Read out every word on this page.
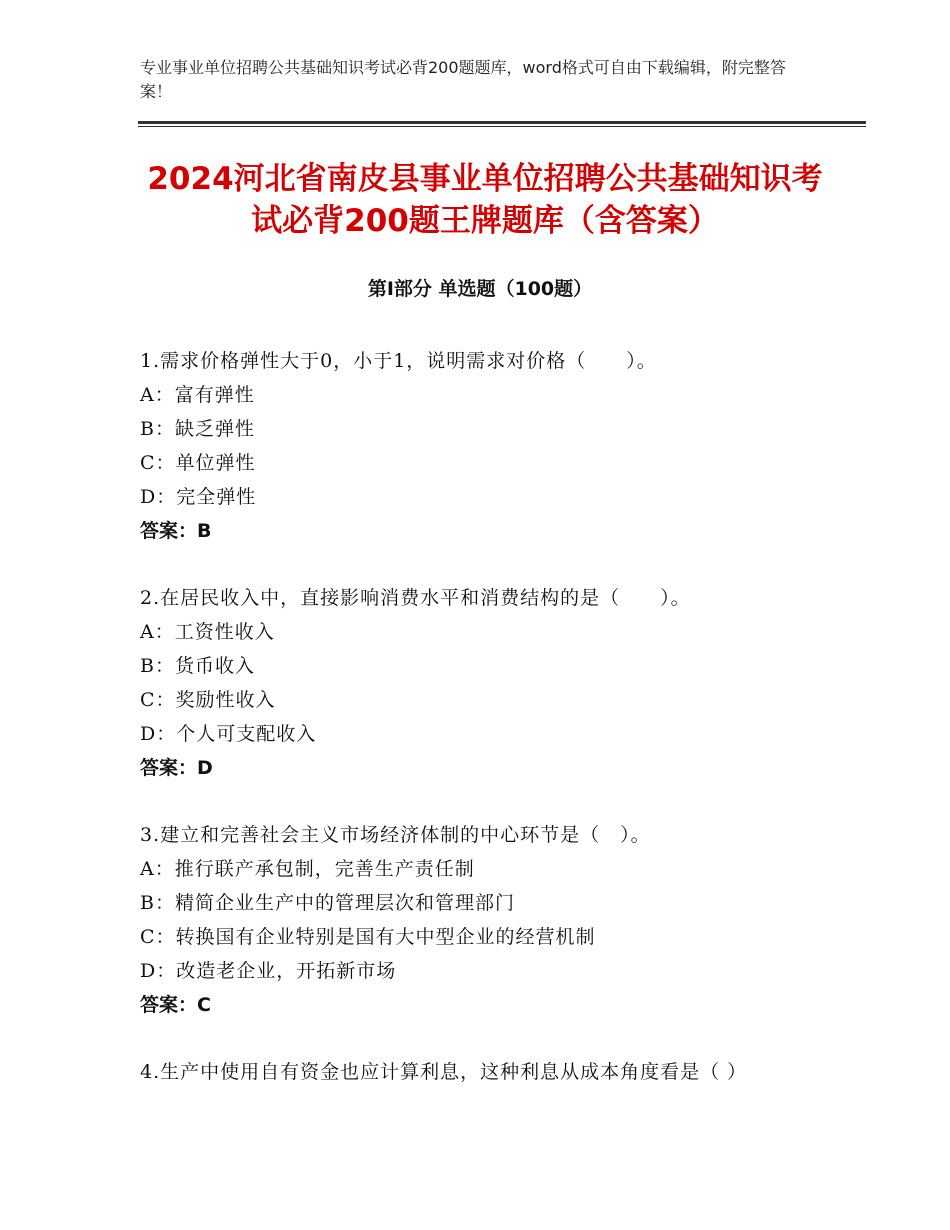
专业事业单位招聘公共基础知识考试必背200题题库，word格式可自由下载编辑，附完整答案！
2024河北省南皮县事业单位招聘公共基础知识考试必背200题王牌题库（含答案）
第Ⅰ部分 单选题（100题）
1.需求价格弹性大于0，小于1，说明需求对价格（　　）。
A：富有弹性
B：缺乏弹性
C：单位弹性
D：完全弹性
答案：B
2.在居民收入中，直接影响消费水平和消费结构的是（　　）。
A：工资性收入
B：货币收入
C：奖励性收入
D：个人可支配收入
答案：D
3.建立和完善社会主义市场经济体制的中心环节是（　）。
A：推行联产承包制，完善生产责任制
B：精简企业生产中的管理层次和管理部门
C：转换国有企业特别是国有大中型企业的经营机制
D：改造老企业，开拓新市场
答案：C
4.生产中使用自有资金也应计算利息，这种利息从成本角度看是（ ）
